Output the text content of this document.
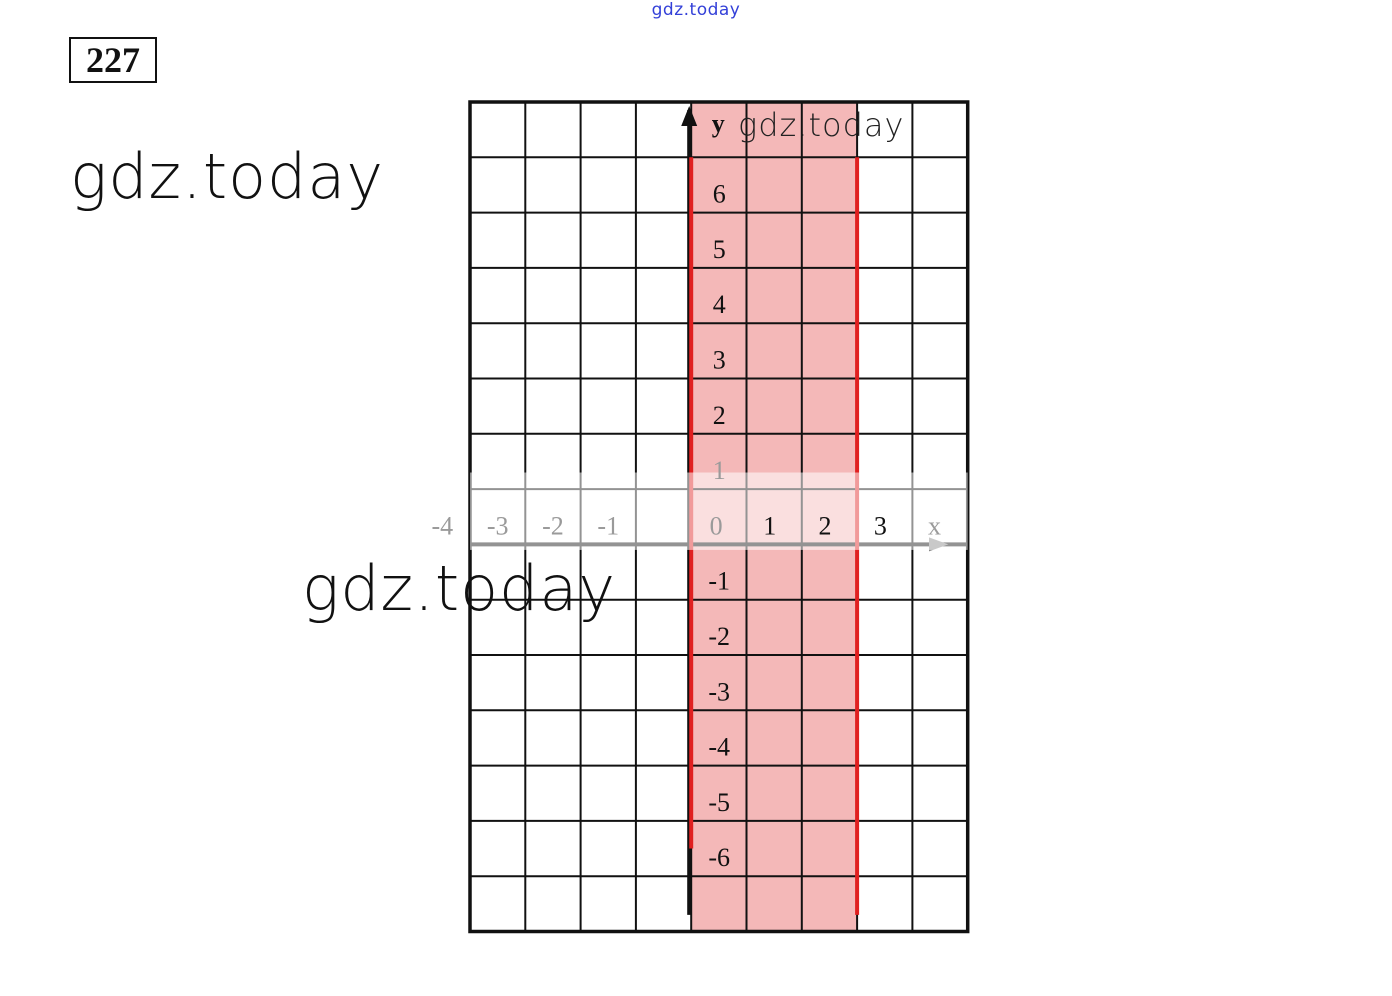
gdz.today
227
gdz.today
-4 -3 -2 -1	0 1 2 3 x
y
6
5
4
3
2
1
-1
-2
-3
-4
-5
-6
gdz.today
gdz.today
